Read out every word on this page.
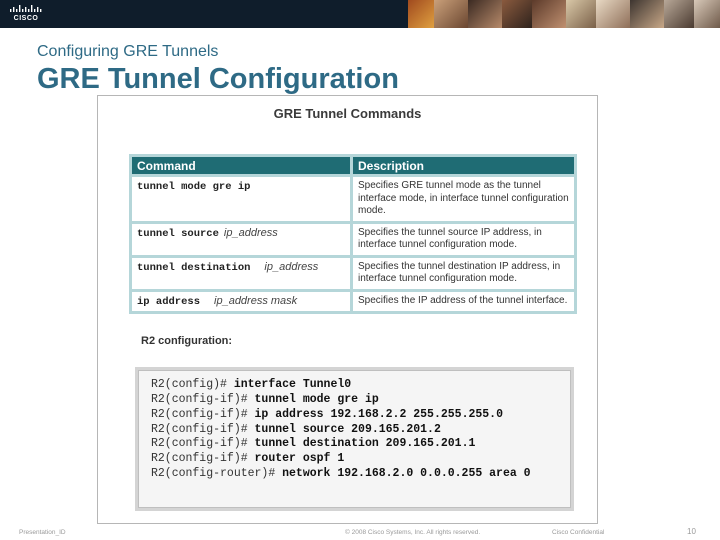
CISCO
Configuring GRE Tunnels
GRE Tunnel Configuration
GRE Tunnel Commands
Command	Description
tunnel mode gre ip	Specifies GRE tunnel mode as the tunnel interface mode, in interface tunnel configuration mode.
tunnel source ip_address	Specifies the tunnel source IP address, in interface tunnel configuration mode.
tunnel destination ip_address	Specifies the tunnel destination IP address, in interface tunnel configuration mode.
ip address ip_address mask	Specifies the IP address of the tunnel interface.
R2 configuration:
R2(config)# interface Tunnel0
R2(config-if)# tunnel mode gre ip
R2(config-if)# ip address 192.168.2.2 255.255.255.0
R2(config-if)# tunnel source 209.165.201.2
R2(config-if)# tunnel destination 209.165.201.1
R2(config-if)# router ospf 1
R2(config-router)# network 192.168.2.0 0.0.0.255 area 0
Presentation_ID	© 2008 Cisco Systems, Inc. All rights reserved.	Cisco Confidential	10
